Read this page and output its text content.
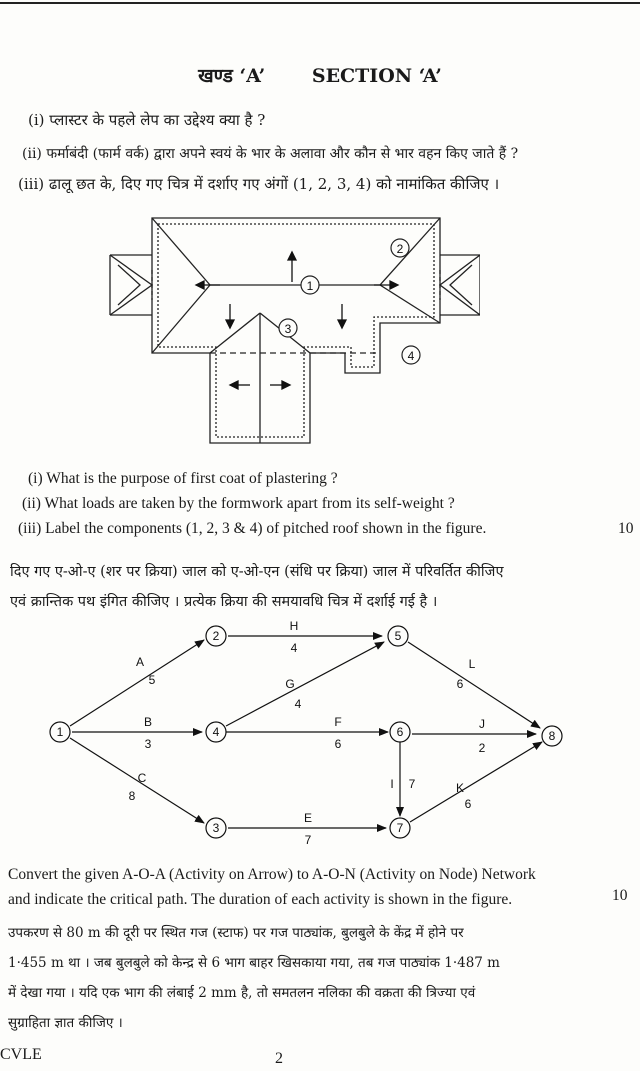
खण्ड ‘A’ SECTION ‘A’
(i) प्लास्टर के पहले लेप का उद्देश्य क्या है ?
(ii) फर्माबंदी (फार्म वर्क) द्वारा अपने स्वयं के भार के अलावा और कौन से भार वहन किए जाते हैं ?
(iii) ढालू छत के, दिए गए चित्र में दर्शाए गए अंगों (1, 2, 3, 4) को नामांकित कीजिए ।
1
2
3
4
(i) What is the purpose of first coat of plastering ?
(ii) What loads are taken by the formwork apart from its self-weight ?
(iii) Label the components (1, 2, 3 & 4) of pitched roof shown in the figure.	10
दिए गए ए-ओ-ए (शर पर क्रिया) जाल को ए-ओ-एन (संधि पर क्रिया) जाल में परिवर्तित कीजिए
एवं क्रान्तिक पथ इंगित कीजिए । प्रत्येक क्रिया की समयावधि चित्र में दर्शाई गई है ।
1
2
3
4
5
6
7
8
A
5
B
3
C
8
H
4
G
4
F
6
E
7
L
6
J
2
I 7	K
6
Convert the given A-O-A (Activity on Arrow) to A-O-N (Activity on Node) Network
and indicate the critical path. The duration of each activity is shown in the figure.	10
उपकरण से 80 m की दूरी पर स्थित गज (स्टाफ) पर गज पाठ्यांक, बुलबुले के केंद्र में होने पर
1·455 m था । जब बुलबुले को केन्द्र से 6 भाग बाहर खिसकाया गया, तब गज पाठ्यांक 1·487 m
में देखा गया । यदि एक भाग की लंबाई 2 mm है, तो समतलन नलिका की वक्रता की त्रिज्या एवं
सुग्राहिता ज्ञात कीजिए ।
CVLE	2
